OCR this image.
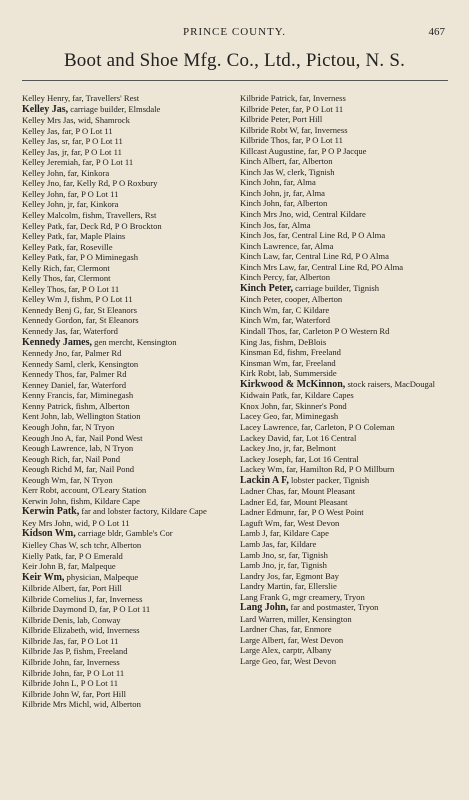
PRINCE COUNTY.	467
Boot and Shoe Mfg. Co., Ltd., Pictou, N. S.
Kelley Henry, far, Travellers' Rest
Kelley Jas, carriage builder, Elmsdale
Kelley Mrs Jas, wid, Shamrock
Kelley Jas, far, P O Lot 11
Kelley Jas, sr, far, P O Lot 11
Kelley Jas, jr, far, P O Lot 11
Kelley Jeremiah, far, P O Lot 11
Kelley John, far, Kinkora
Kelley Jno, far, Kelly Rd, P O Roxbury
Kelley John, far, P O Lot 11
Kelley John, jr, far, Kinkora
Kelley Malcolm, fishm, Travellers, Rst
Kelley Patk, far, Deck Rd, P O Brockton
Kelley Patk, far, Maple Plains
Kelley Patk, far, Roseville
Kelley Patk, far, P O Miminegash
Kelly Rich, far, Clermont
Kelly Thos, far, Clermont
Kelley Thos, far, P O Lot 11
Kelley Wm J, fishm, P O Lot 11
Kennedy Benj G, far, St Eleanors
Kennedy Gordon, far, St Eleanors
Kennedy Jas, far, Waterford
Kennedy James, gen mercht, Kensington
Kennedy Jno, far, Palmer Rd
Kennedy Saml, clerk, Kensington
Kennedy Thos, far, Palmer Rd
Kenney Daniel, far, Waterford
Kenny Francis, far, Miminegash
Kenny Patrick, fishm, Alberton
Kent John, lab, Wellington Station
Keough John, far, N Tryon
Keough Jno A, far, Nail Pond West
Keough Lawrence, lab, N Tryon
Keough Rich, far, Nail Pond
Keough Richd M, far, Nail Pond
Keough Wm, far, N Tryon
Kerr Robt, account, O'Leary Station
Kerwin John, fishm, Kildare Cape
Kerwin Patk, far and lobster factory, Kildare Cape
Key Mrs John, wid, P O Lot 11
Kidson Wm, carriage bldr, Gamble's Cor
Kielley Chas W, sch tchr, Alberton
Kielly Patk, far, P O Emerald
Keir John B, far, Malpeque
Keir Wm, physician, Malpeque
Kilbride Albert, far, Port Hill
Kilbride Cornelius J, far, Inverness
Kilbride Daymond D, far, P O Lot 11
Kilbride Denis, lab, Conway
Kilbride Elizabeth, wid, Inverness
Kilbride Jas, far, P O Lot 11
Kilbride Jas P, fishm, Freeland
Kilbride John, far, Inverness
Kilbride John, far, P O Lot 11
Kilbride John L, P O Lot 11
Kilbride John W, far, Port Hill
Kilbride Mrs Michl, wid, Alberton
Kilbride Patrick, far, Inverness
Kilbride Peter, far, P O Lot 11
Kilbride Peter, Port Hill
Kilbride Robt W, far, Inverness
Kilbride Thos, far, P O Lot 11
Killcast Augustine, far, P O P Jacque
Kinch Albert, far, Alberton
Kinch Jas W, clerk, Tignish
Kinch John, far, Alma
Kinch John, jr, far, Alma
Kinch John, far, Alberton
Kinch Mrs Jno, wid, Central Kildare
Kinch Jos, far, Alma
Kinch Jos, far, Central Line Rd, P O Alma
Kinch Lawrence, far, Alma
Kinch Law, far, Central Line Rd, P O Alma
Kinch Mrs Law, far, Central Line Rd, PO Alma
Kinch Percy, far, Alberton
Kinch Peter, carriage builder, Tignish
Kinch Peter, cooper, Alberton
Kinch Wm, far, C Kildare
Kinch Wm, far, Waterford
Kindall Thos, far, Carleton P O Western Rd
King Jas, fishm, DeBlois
Kinsman Ed, fishm, Freeland
Kinsman Wm, far, Freeland
Kirk Robt, lab, Summerside
Kirkwood & McKinnon, stock raisers, MacDougal
Kidwain Patk, far, Kildare Capes
Knox John, far, Skinner's Pond
Lacey Geo, far, Miminegash
Lacey Lawrence, far, Carleton, P O Coleman
Lackey David, far, Lot 16 Central
Lackey Jno, jr, far, Belmont
Lackey Joseph, far, Lot 16 Central
Lackey Wm, far, Hamilton Rd, P O Millburn
Lackin A F, lobster packer, Tignish
Ladner Chas, far, Mount Pleasant
Ladner Ed, far, Mount Pleasant
Ladner Edmunr, far, P O West Point
Laguft Wm, far, West Devon
Lamb J, far, Kildare Cape
Lamb Jas, far, Kildare
Lamb Jno, sr, far, Tignish
Lamb Jno, jr, far, Tignish
Landry Jos, far, Egmont Bay
Landry Martin, far, Ellerslie
Lang Frank G, mgr creamery, Tryon
Lang John, far and postmaster, Tryon
Lard Warren, miller, Kensington
Lardner Chas, far, Enmore
Large Albert, far, West Devon
Large Alex, carptr, Albany
Large Geo, far, West Devon
